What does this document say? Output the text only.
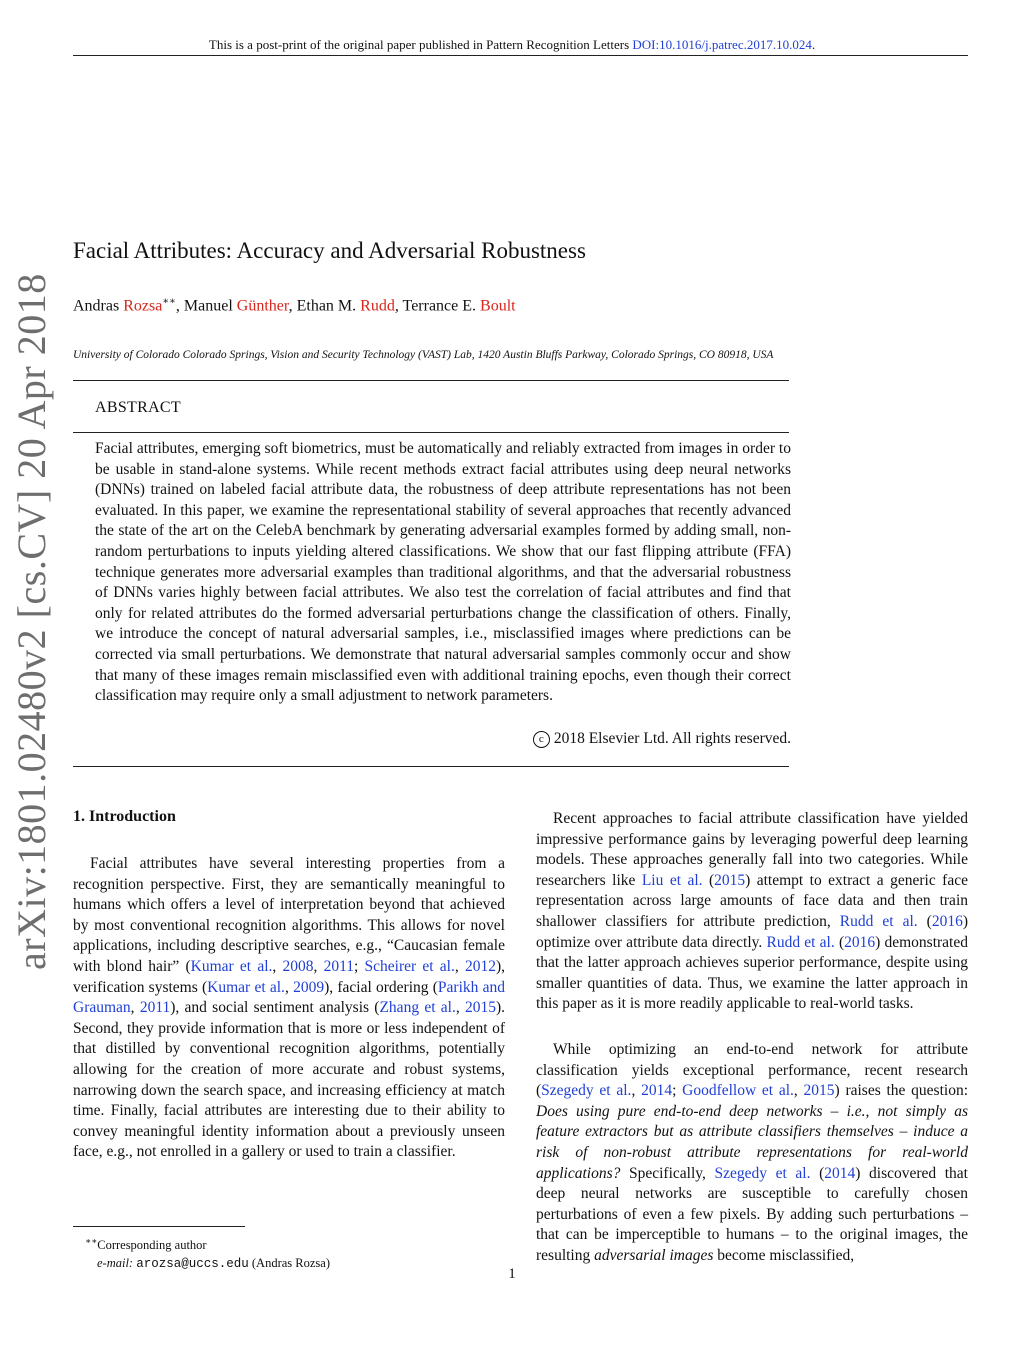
This is a post-print of the original paper published in Pattern Recognition Letters DOI:10.1016/j.patrec.2017.10.024.
arXiv:1801.02480v2 [cs.CV] 20 Apr 2018
Facial Attributes: Accuracy and Adversarial Robustness
Andras Rozsa∗∗, Manuel Günther, Ethan M. Rudd, Terrance E. Boult
University of Colorado Colorado Springs, Vision and Security Technology (VAST) Lab, 1420 Austin Bluffs Parkway, Colorado Springs, CO 80918, USA
ABSTRACT
Facial attributes, emerging soft biometrics, must be automatically and reliably extracted from images in order to be usable in stand-alone systems. While recent methods extract facial attributes using deep neural networks (DNNs) trained on labeled facial attribute data, the robustness of deep attribute representations has not been evaluated. In this paper, we examine the representational stability of several approaches that recently advanced the state of the art on the CelebA benchmark by generating adversarial examples formed by adding small, non-random perturbations to inputs yielding altered classifications. We show that our fast flipping attribute (FFA) technique generates more adversarial examples than traditional algorithms, and that the adversarial robustness of DNNs varies highly between facial attributes. We also test the correlation of facial attributes and find that only for related attributes do the formed adversarial perturbations change the classification of others. Finally, we introduce the concept of natural adversarial samples, i.e., misclassified images where predictions can be corrected via small perturbations. We demonstrate that natural adversarial samples commonly occur and show that many of these images remain misclassified even with additional training epochs, even though their correct classification may require only a small adjustment to network parameters.
c 2018 Elsevier Ltd. All rights reserved.
1. Introduction
Facial attributes have several interesting properties from a recognition perspective. First, they are semantically meaningful to humans which offers a level of interpretation beyond that achieved by most conventional recognition algorithms. This allows for novel applications, including descriptive searches, e.g., “Caucasian female with blond hair” (Kumar et al., 2008, 2011; Scheirer et al., 2012), verification systems (Kumar et al., 2009), facial ordering (Parikh and Grauman, 2011), and social sentiment analysis (Zhang et al., 2015). Second, they provide information that is more or less independent of that distilled by conventional recognition algorithms, potentially allowing for the creation of more accurate and robust systems, narrowing down the search space, and increasing efficiency at match time. Finally, facial attributes are interesting due to their ability to convey meaningful identity information about a previously unseen face, e.g., not enrolled in a gallery or used to train a classifier.
Recent approaches to facial attribute classification have yielded impressive performance gains by leveraging powerful deep learning models. These approaches generally fall into two categories. While researchers like Liu et al. (2015) attempt to extract a generic face representation across large amounts of face data and then train shallower classifiers for attribute prediction, Rudd et al. (2016) optimize over attribute data directly. Rudd et al. (2016) demonstrated that the latter approach achieves superior performance, despite using smaller quantities of data. Thus, we examine the latter approach in this paper as it is more readily applicable to real-world tasks.
While optimizing an end-to-end network for attribute classification yields exceptional performance, recent research (Szegedy et al., 2014; Goodfellow et al., 2015) raises the question: Does using pure end-to-end deep networks – i.e., not simply as feature extractors but as attribute classifiers themselves – induce a risk of non-robust attribute representations for real-world applications? Specifically, Szegedy et al. (2014) discovered that deep neural networks are susceptible to carefully chosen perturbations of even a few pixels. By adding such perturbations – that can be imperceptible to humans – to the original images, the resulting adversarial images become misclassified,
∗∗Corresponding author
e-mail: arozsa@uccs.edu (Andras Rozsa)
1
